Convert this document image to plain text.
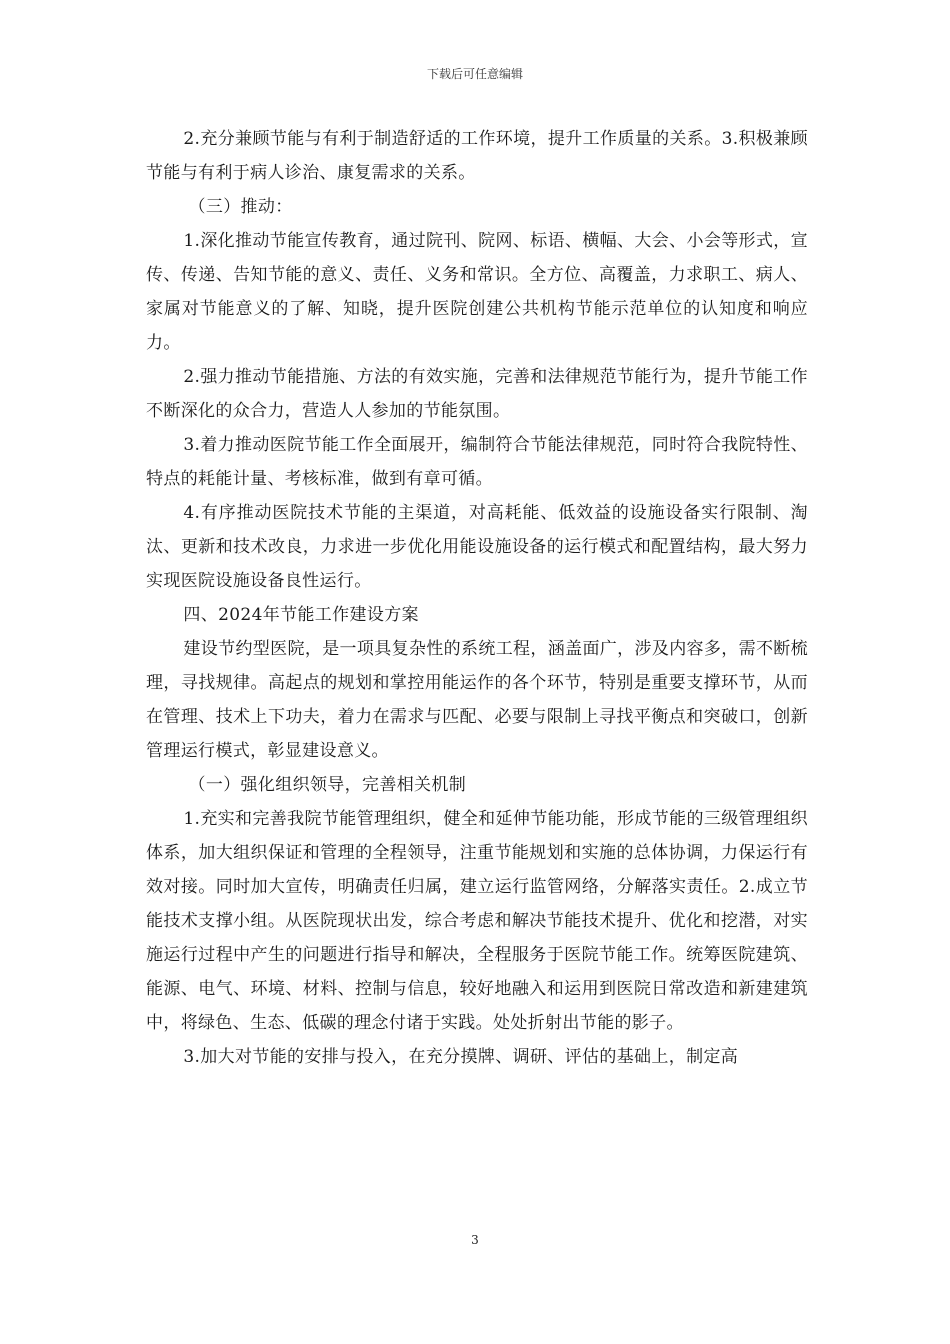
下载后可任意编辑

2.充分兼顾节能与有利于制造舒适的工作环境，提升工作质量的关系。3.积极兼顾节能与有利于病人诊治、康复需求的关系。

（三）推动：

1.深化推动节能宣传教育，通过院刊、院网、标语、横幅、大会、小会等形式，宣传、传递、告知节能的意义、责任、义务和常识。全方位、高覆盖，力求职工、病人、家属对节能意义的了解、知晓，提升医院创建公共机构节能示范单位的认知度和响应力。

2.强力推动节能措施、方法的有效实施，完善和法律规范节能行为，提升节能工作不断深化的众合力，营造人人参加的节能氛围。

3.着力推动医院节能工作全面展开，编制符合节能法律规范，同时符合我院特性、特点的耗能计量、考核标准，做到有章可循。

4.有序推动医院技术节能的主渠道，对高耗能、低效益的设施设备实行限制、淘汰、更新和技术改良，力求进一步优化用能设施设备的运行模式和配置结构，最大努力实现医院设施设备良性运行。

四、2024年节能工作建设方案

建设节约型医院，是一项具复杂性的系统工程，涵盖面广，涉及内容多，需不断梳理，寻找规律。高起点的规划和掌控用能运作的各个环节，特别是重要支撑环节，从而在管理、技术上下功夫，着力在需求与匹配、必要与限制上寻找平衡点和突破口，创新管理运行模式，彰显建设意义。

（一）强化组织领导，完善相关机制

1.充实和完善我院节能管理组织，健全和延伸节能功能，形成节能的三级管理组织体系，加大组织保证和管理的全程领导，注重节能规划和实施的总体协调，力保运行有效对接。同时加大宣传，明确责任归属，建立运行监管网络，分解落实责任。2.成立节能技术支撑小组。从医院现状出发，综合考虑和解决节能技术提升、优化和挖潜，对实施运行过程中产生的问题进行指导和解决，全程服务于医院节能工作。统筹医院建筑、能源、电气、环境、材料、控制与信息，较好地融入和运用到医院日常改造和新建建筑中，将绿色、生态、低碳的理念付诸于实践。处处折射出节能的影子。

3.加大对节能的安排与投入，在充分摸牌、调研、评估的基础上，制定高

3
